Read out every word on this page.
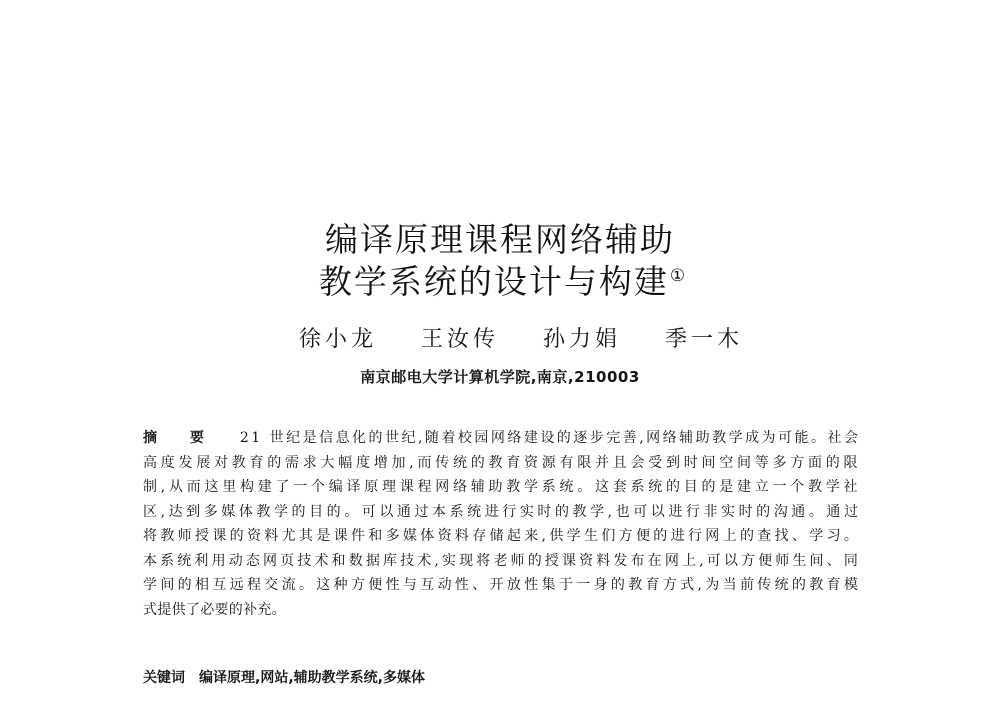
编译原理课程网络辅助
教学系统的设计与构建①
徐小龙 王汝传 孙力娟 季一木
南京邮电大学计算机学院,南京,210003
摘 要 2 1
世 纪 是 信 息 化 的 世 纪 , 随 着 校 园 网 络 建 设 的 逐 步 完 善 , 网 络 辅 助 教 学 成 为 可 能 。 社 会
高 度 发 展 对 教 育 的 需 求 大 幅 度 增 加 , 而 传 统 的 教 育 资 源 有 限 并 且 会 受 到 时 间 空 间 等 多 方 面 的 限
制 , 从 而 这 里 构 建 了 一 个 编 译 原 理 课 程 网 络 辅 助 教 学 系 统 。 这 套 系 统 的 目 的 是 建 立 一 个 教 学 社
区 , 达 到 多 媒 体 教 学 的 目 的 。 可 以 通 过 本 系 统 进 行 实 时 的 教 学 , 也 可 以 进 行 非 实 时 的 沟 通 。 通 过
将 教 师 授 课 的 资 料 尤 其 是 课 件 和 多 媒 体 资 料 存 储 起 来 , 供 学 生 们 方 便 的 进 行 网 上 的 查 找 、 学 习 。
本 系 统 利 用 动 态 网 页 技 术 和 数 据 库 技 术 , 实 现 将 老 师 的 授 课 资 料 发 布 在 网 上 , 可 以 方 便 师 生 间 、 同
学 间 的 相 互 远 程 交 流 。 这 种 方 便 性 与 互 动 性 、 开 放 性 集 于 一 身 的 教 育 方 式 , 为 当 前 传 统 的 教 育 模
式 提 供 了 必 要 的 补 充 。
关键词 编译原理,网站,辅助教学系统,多媒体
